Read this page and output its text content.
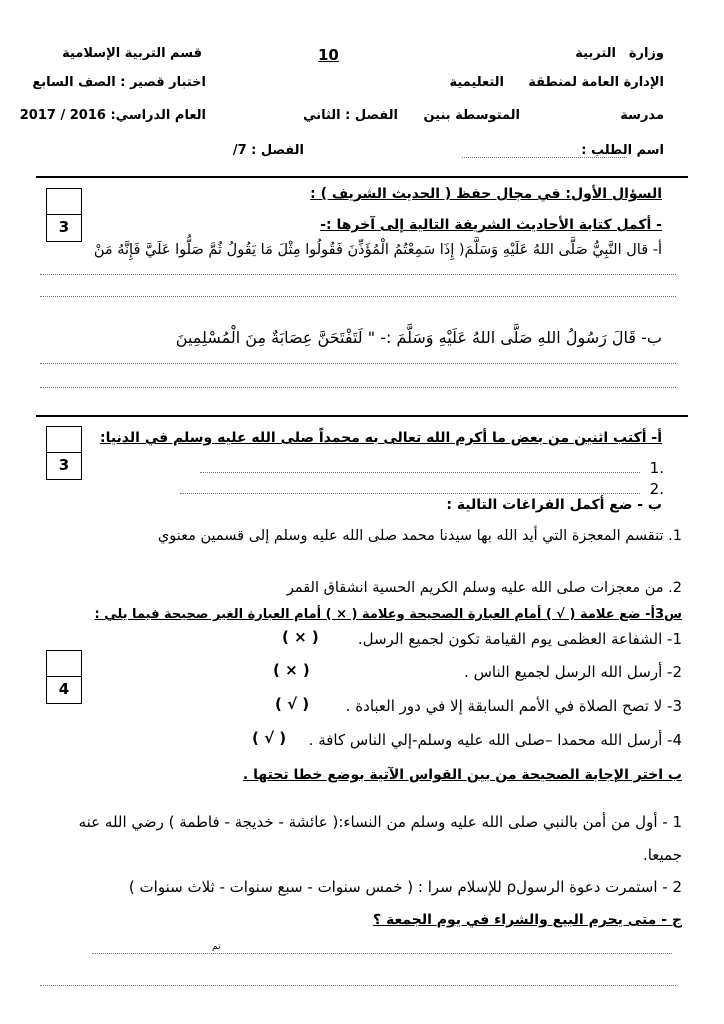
وزارة
التربية
قسم التربية الإسلامية	10
الإدارة العامة لمنطقة
التعليمية
اختبار قصير : الصف السابع
مدرسة
المتوسطة بنين
الفصل : الثاني
العام الدراسي: 2016 / 2017
اسم الطلب :
الفصل : 7/
3
السؤال الأول: في مجال حفظ ( الحديث الشريف ) :
- أكمل كتابة الأحاديث الشريفة التالية إلى آخرها :-
أ- قال النَّبِيُّ صَلَّى اللهُ عَلَيْهِ وَسَلَّمَ( إِذَا سَمِعْتُمُ الْمُؤَذِّنَ فَقُولُوا مِثْلَ مَا يَقُولُ ثُمَّ صَلُّوا عَلَيَّ فَإِنَّهُ مَنْ
ب- قَالَ رَسُولُ اللهِ صَلَّى اللهُ عَلَيْهِ وَسَلَّمَ :- " لَتَفْتَحَنَّ عِصَابَةٌ مِنَ الْمُسْلِمِينَ
3
أ- أكتب اثنين من بعض ما أكرم الله تعالى به محمداً صلى الله عليه وسلم في الدنيا:
.1
.2
ب - ضع أكمل الفراغات التالية :
1. تنقسم المعجزة التي أيد الله بها سيدنا محمد صلى الله عليه وسلم إلى قسمين معنوي
2. من معجزات صلى الله عليه وسلم الكريم الحسية انشقاق القمر
4
س3أ- ضع علامة ( √ ) أمام العبارة الصحيحة وعلامة ( × ) أمام العبارة الغير صحيحة فيما يلي :
1- الشفاعة العظمى يوم القيامة تكون لجميع الرسل.
( × )
2- أرسل الله الرسل لجميع الناس .
( × )
3- لا تصح الصلاة في الأمم السابقة إلا في دور العبادة .
( √ )
4- أرسل الله محمدا –صلى الله عليه وسلم-إلي الناس كافة .
( √ )
ب اختر الإجابة الصحيحة من بين القواس الآتية بوضع خطا تحتها .
1 - أول من أمن بالنبي صلى الله عليه وسلم من النساء:( عائشة - خديجة - فاطمة ) رضي الله عنه
جميعا.
2 - استمرت دعوة الرسولρ للإسلام سرا : ( خمس سنوات - سبع سنوات - ثلاث سنوات )
ج - متى يحرم البيع والشراء في يوم الجمعة ؟
تم
